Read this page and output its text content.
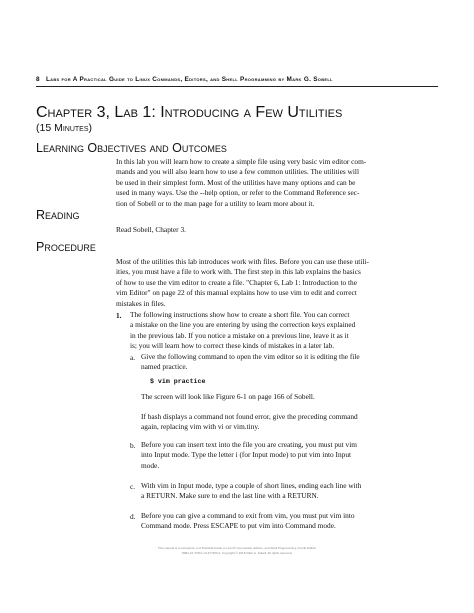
8 Labs for A Practical Guide to Linux Commands, Editors, and Shell Programming by Mark G. Sobell
Chapter 3, Lab 1: Introducing a Few Utilities
(15 Minutes)
Learning Objectives and Outcomes
In this lab you will learn how to create a simple file using very basic vim editor com-
mands and you will also learn how to use a few common utilities. The utilities will
be used in their simplest form. Most of the utilities have many options and can be
used in many ways. Use the --help option, or refer to the Command Reference sec-
tion of Sobell or to the man page for a utility to learn more about it.
Reading
Read Sobell, Chapter 3.
Procedure
Most of the utilities this lab introduces work with files. Before you can use these utili-
ities, you must have a file to work with. The first step in this lab explains the basics
of how to use the vim editor to create a file. "Chapter 6, Lab 1: Introduction to the
vim Editor" on page 22 of this manual explains how to use vim to edit and correct
mistakes in files.
1. The following instructions show how to create a short file. You can correct
a mistake on the line you are entering by using the correction keys explained
in the previous lab. If you notice a mistake on a previous line, leave it as it
is; you will learn how to correct these kinds of mistakes in a later lab.
a. Give the following command to open the vim editor so it is editing the file
named practice.
$ vim practice
The screen will look like Figure 6-1 on page 166 of Sobell.
If bash displays a command not found error, give the preceding command
again, replacing vim with vi or vim.tiny.
b. Before you can insert text into the file you are creating, you must put vim
into Input mode. Type the letter i (for Input mode) to put vim into Input
mode.
c. With vim in Input mode, type a couple of short lines, ending each line with
a RETURN. Make sure to end the last line with a RETURN.
d. Before you can give a command to exit from vim, you must put vim into
Command mode. Press ESCAPE to put vim into Command mode.
This manual is a companion to A Practical Guide to Linux® Commands, Editors, and Shell Programming, Fourth Edition
ISBN-13: 978-0-13-477460-2. Copyright © 2018 Mark G. Sobell. All rights reserved.
